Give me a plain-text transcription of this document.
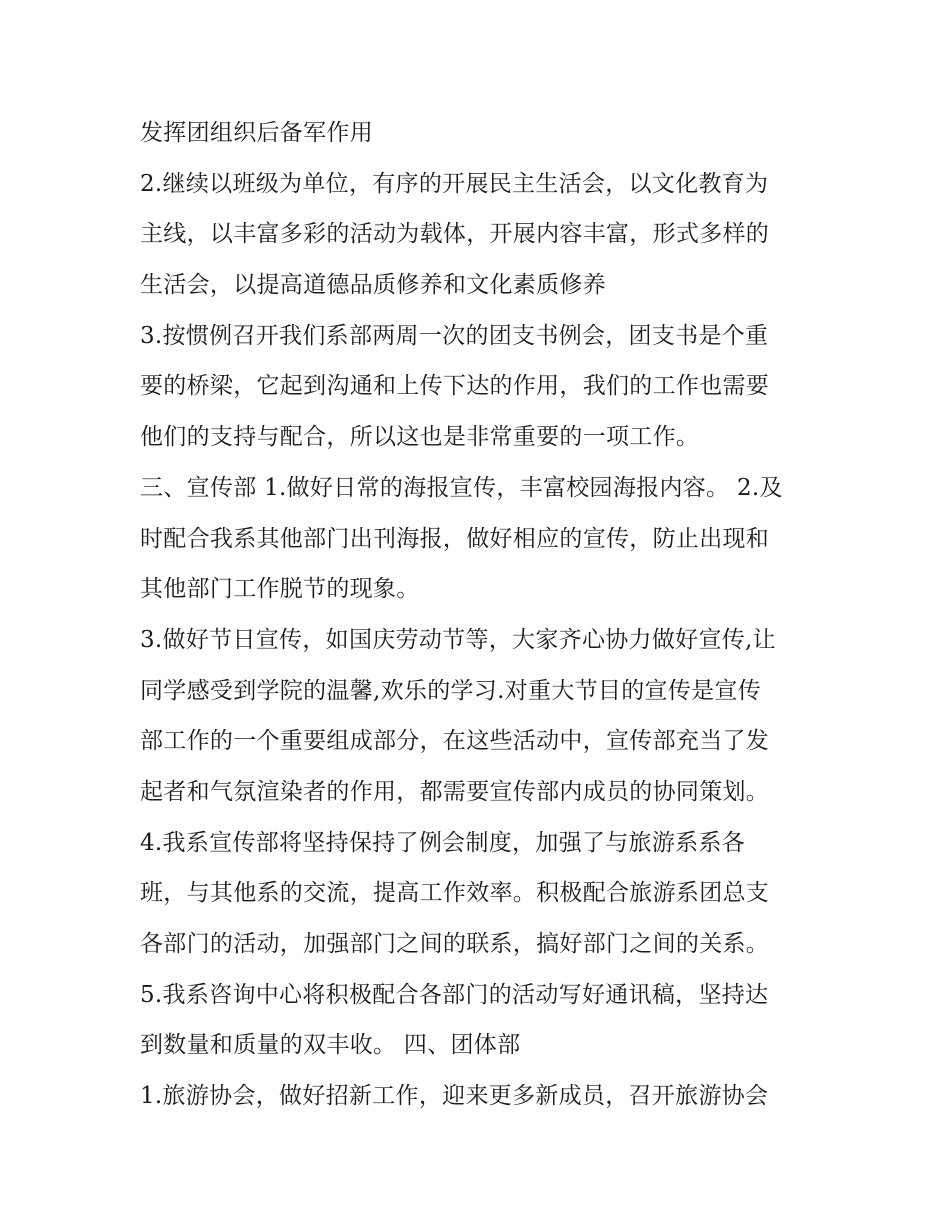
发挥团组织后备军作用
2.继续以班级为单位，有序的开展民主生活会，以文化教育为
主线，以丰富多彩的活动为载体，开展内容丰富，形式多样的
生活会，以提高道德品质修养和文化素质修养
3.按惯例召开我们系部两周一次的团支书例会，团支书是个重
要的桥梁，它起到沟通和上传下达的作用，我们的工作也需要
他们的支持与配合，所以这也是非常重要的一项工作。
三、宣传部 1.做好日常的海报宣传，丰富校园海报内容。 2.及
时配合我系其他部门出刊海报，做好相应的宣传，防止出现和
其他部门工作脱节的现象。
3.做好节日宣传，如国庆劳动节等，大家齐心协力做好宣传,让
同学感受到学院的温馨,欢乐的学习.对重大节目的宣传是宣传
部工作的一个重要组成部分，在这些活动中，宣传部充当了发
起者和气氛渲染者的作用，都需要宣传部内成员的协同策划。
4.我系宣传部将坚持保持了例会制度，加强了与旅游系系各
班，与其他系的交流，提高工作效率。积极配合旅游系团总支
各部门的活动，加强部门之间的联系，搞好部门之间的关系。
5.我系咨询中心将积极配合各部门的活动写好通讯稿，坚持达
到数量和质量的双丰收。 四、团体部
1.旅游协会，做好招新工作，迎来更多新成员，召开旅游协会
